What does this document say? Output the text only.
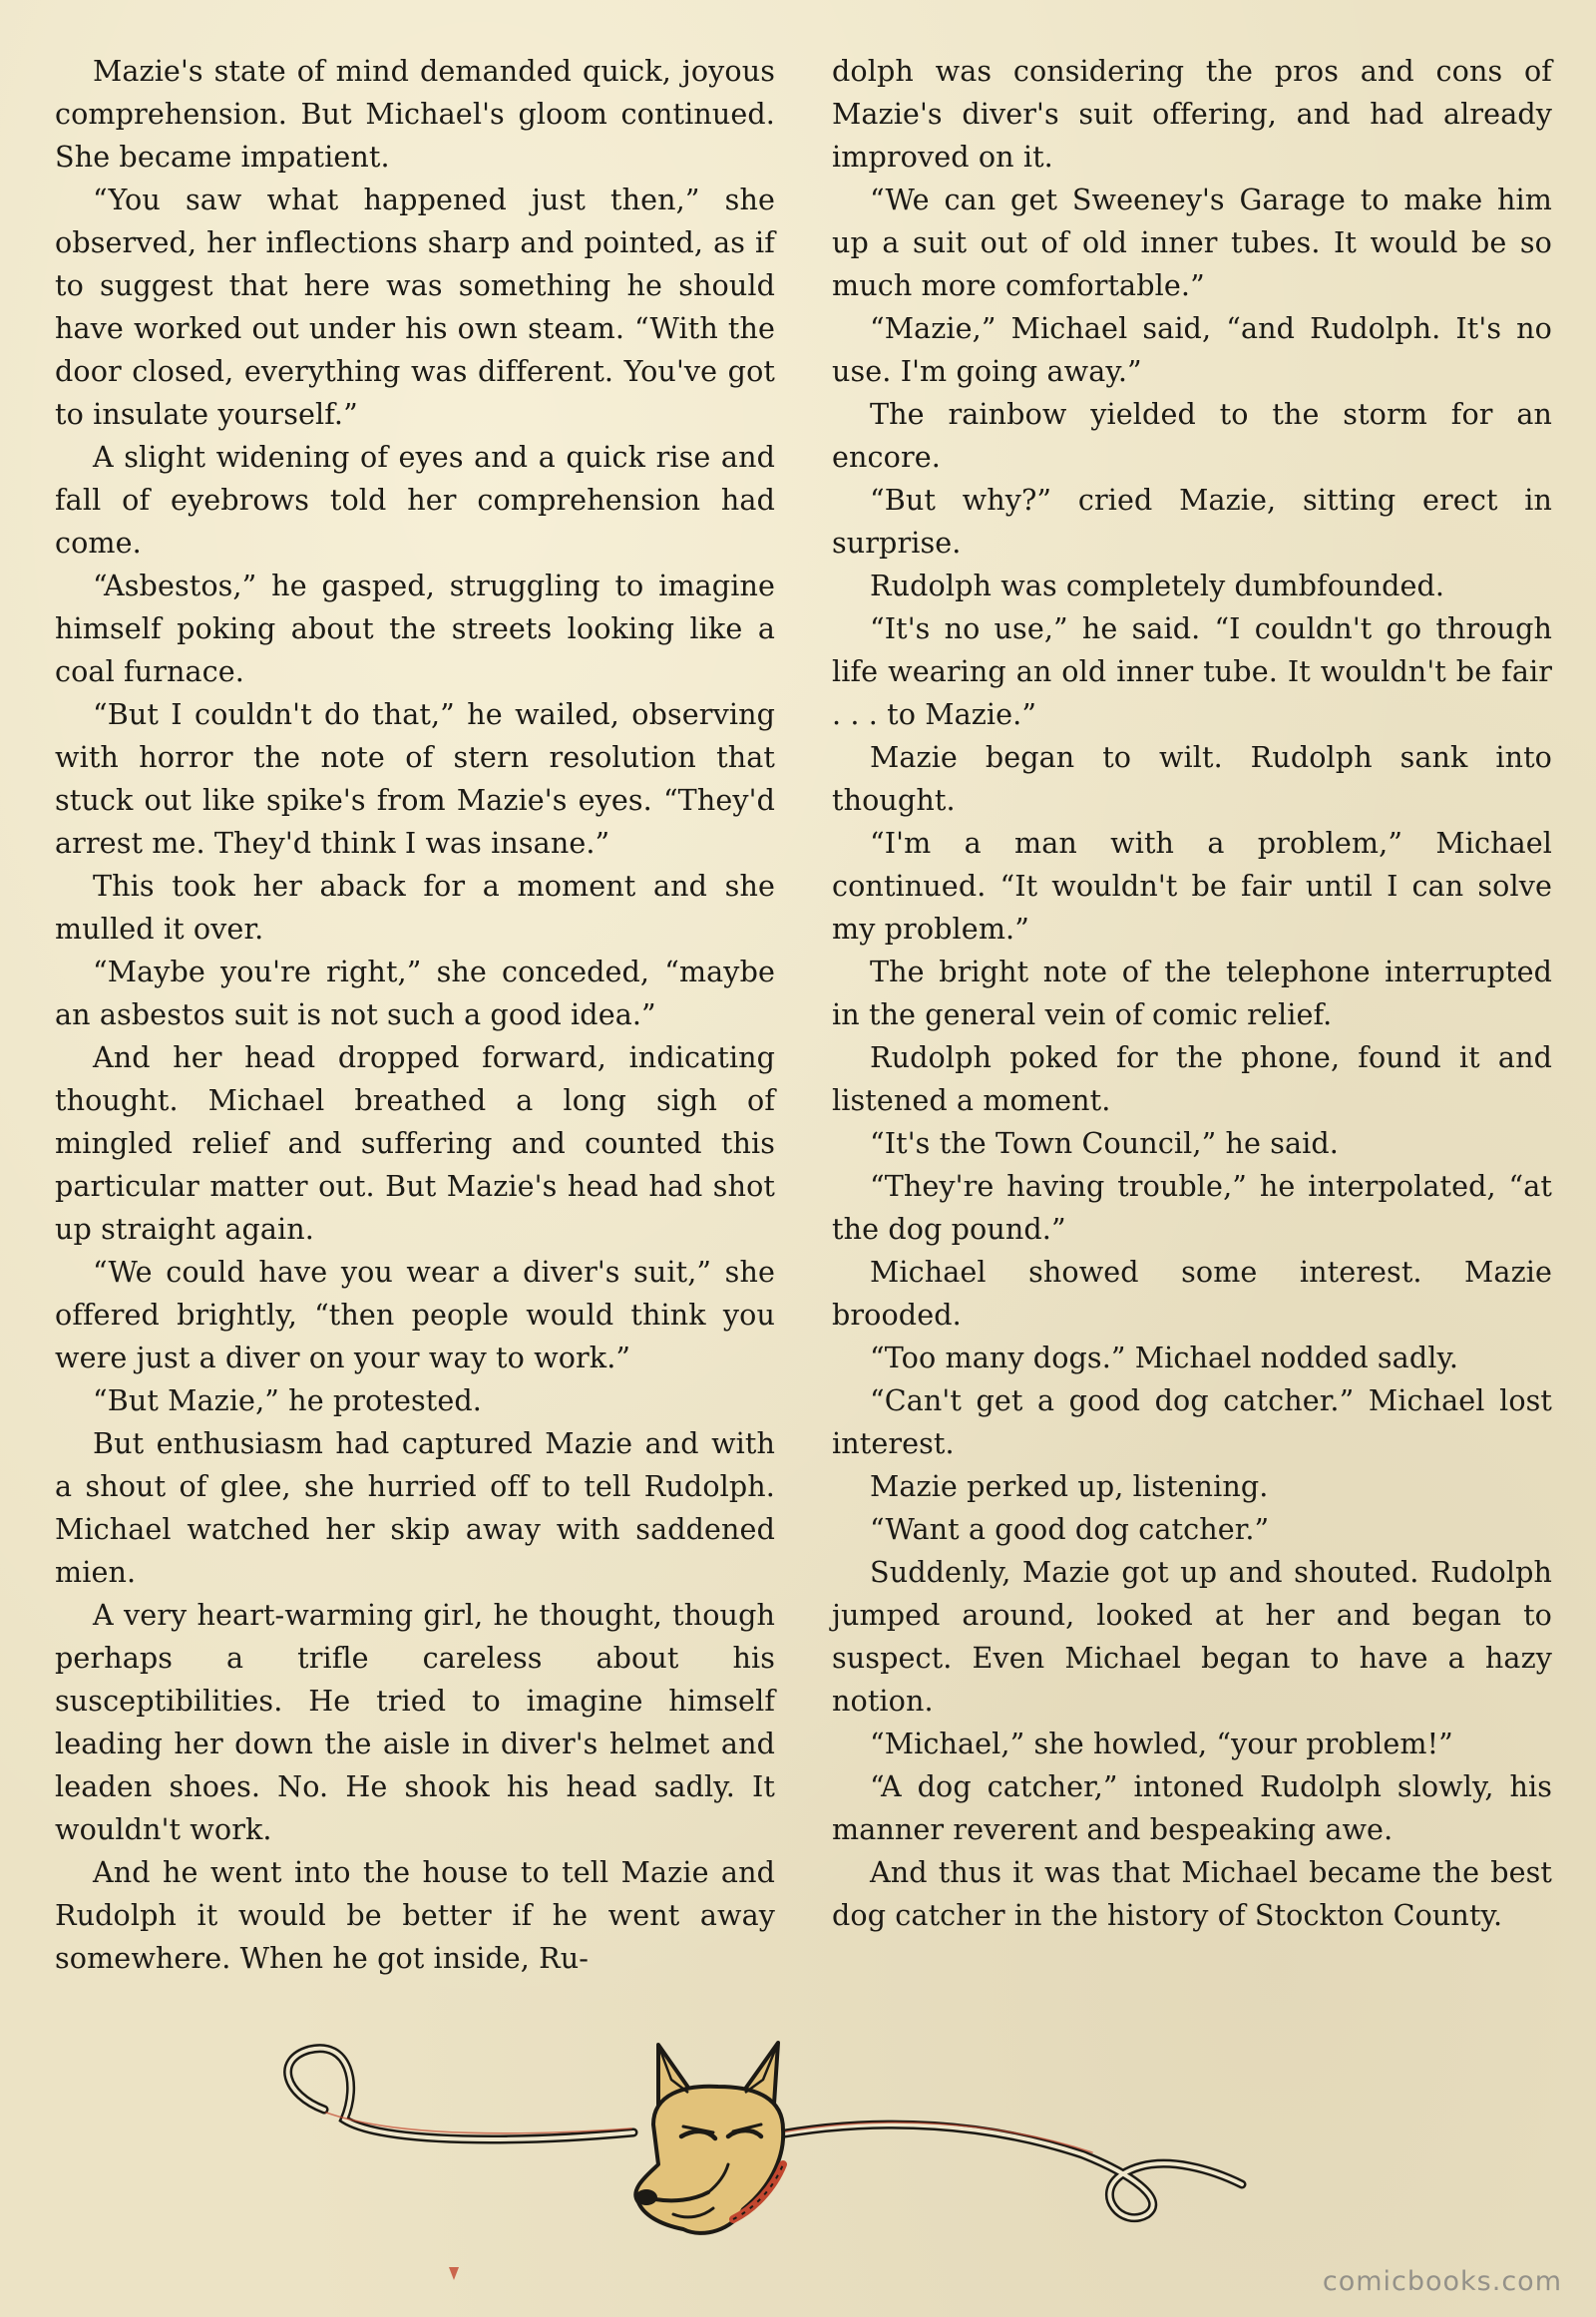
Mazie's state of mind demanded quick, joyous comprehension. But Michael's gloom continued. She became impatient.

“You saw what happened just then,” she observed, her inflections sharp and pointed, as if to suggest that here was something he should have worked out under his own steam. “With the door closed, everything was different. You've got to insulate yourself.”

A slight widening of eyes and a quick rise and fall of eyebrows told her comprehension had come.

“Asbestos,” he gasped, struggling to imagine himself poking about the streets looking like a coal furnace.

“But I couldn't do that,” he wailed, observing with horror the note of stern resolution that stuck out like spike's from Mazie's eyes. “They'd arrest me. They'd think I was insane.”

This took her aback for a moment and she mulled it over.

“Maybe you're right,” she conceded, “maybe an asbestos suit is not such a good idea.”

And her head dropped forward, indicating thought. Michael breathed a long sigh of mingled relief and suffering and counted this particular matter out. But Mazie's head had shot up straight again.

“We could have you wear a diver's suit,” she offered brightly, “then people would think you were just a diver on your way to work.”

“But Mazie,” he protested.

But enthusiasm had captured Mazie and with a shout of glee, she hurried off to tell Rudolph. Michael watched her skip away with saddened mien.

A very heart-warming girl, he thought, though perhaps a trifle careless about his susceptibilities. He tried to imagine himself leading her down the aisle in diver's helmet and leaden shoes. No. He shook his head sadly. It wouldn't work.

And he went into the house to tell Mazie and Rudolph it would be better if he went away somewhere. When he got inside, Ru-

dolph was considering the pros and cons of Mazie's diver's suit offering, and had already improved on it.

“We can get Sweeney's Garage to make him up a suit out of old inner tubes. It would be so much more comfortable.”

“Mazie,” Michael said, “and Rudolph. It's no use. I'm going away.”

The rainbow yielded to the storm for an encore.

“But why?” cried Mazie, sitting erect in surprise.

Rudolph was completely dumbfounded.

“It's no use,” he said. “I couldn't go through life wearing an old inner tube. It wouldn't be fair . . . to Mazie.”

Mazie began to wilt. Rudolph sank into thought.

“I'm a man with a problem,” Michael continued. “It wouldn't be fair until I can solve my problem.”

The bright note of the telephone interrupted in the general vein of comic relief.

Rudolph poked for the phone, found it and listened a moment.

“It's the Town Council,” he said.

“They're having trouble,” he interpolated, “at the dog pound.”

Michael showed some interest. Mazie brooded.

“Too many dogs.” Michael nodded sadly.

“Can't get a good dog catcher.” Michael lost interest.

Mazie perked up, listening.

“Want a good dog catcher.”

Suddenly, Mazie got up and shouted. Rudolph jumped around, looked at her and began to suspect. Even Michael began to have a hazy notion.

“Michael,” she howled, “your problem!”

“A dog catcher,” intoned Rudolph slowly, his manner reverent and bespeaking awe.

And thus it was that Michael became the best dog catcher in the history of Stockton County.

comicbooks.com
